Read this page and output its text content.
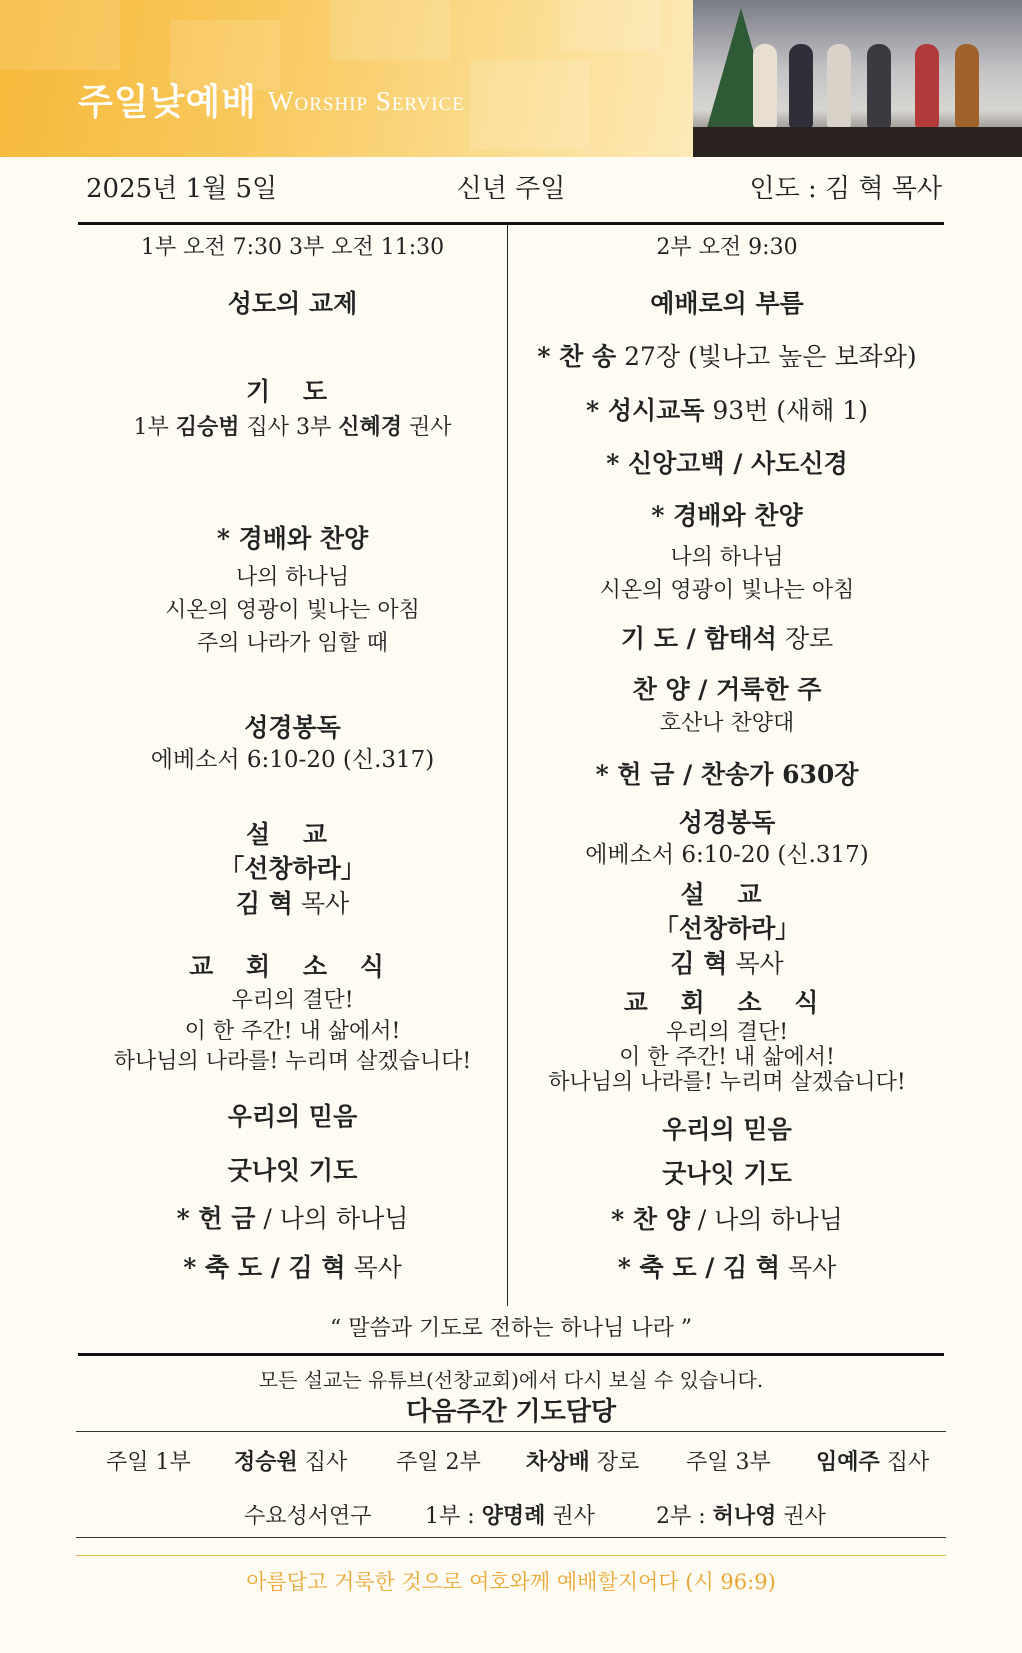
주일낮예배 Worship Service
2025년 1월 5일	신년 주일	인도 : 김 혁 목사
1부 오전 7:30 3부 오전 11:30
성도의 교제
기 도
1부 김승범 집사 3부 신혜경 권사
* 경배와 찬양
나의 하나님
시온의 영광이 빛나는 아침
주의 나라가 임할 때
성경봉독
에베소서 6:10-20 (신.317)
설 교
「선창하라」
김 혁 목사
교 회 소 식
우리의 결단!
이 한 주간! 내 삶에서!
하나님의 나라를! 누리며 살겠습니다!
우리의 믿음
굿나잇 기도
* 헌 금 / 나의 하나님
* 축 도 / 김 혁 목사
2부 오전 9:30
예배로의 부름
* 찬 송 27장 (빛나고 높은 보좌와)
* 성시교독 93번 (새해 1)
* 신앙고백 / 사도신경
* 경배와 찬양
나의 하나님
시온의 영광이 빛나는 아침
기 도 / 함태석 장로
찬 양 / 거룩한 주
호산나 찬양대
* 헌 금 / 찬송가 630장
성경봉독
에베소서 6:10-20 (신.317)
설 교
「선창하라」
김 혁 목사
교 회 소 식
우리의 결단!
이 한 주간! 내 삶에서!
하나님의 나라를! 누리며 살겠습니다!
우리의 믿음
굿나잇 기도
* 찬 양 / 나의 하나님
* 축 도 / 김 혁 목사
“ 말씀과 기도로 전하는 하나님 나라 ”
모든 설교는 유튜브(선창교회)에서 다시 보실 수 있습니다.
다음주간 기도담당
주일 1부 정승원 집사 주일 2부 차상배 장로 주일 3부 임예주 집사
수요성서연구 1부 : 양명례 권사	2부 : 허나영 권사
아름답고 거룩한 것으로 여호와께 예배할지어다 (시 96:9)
